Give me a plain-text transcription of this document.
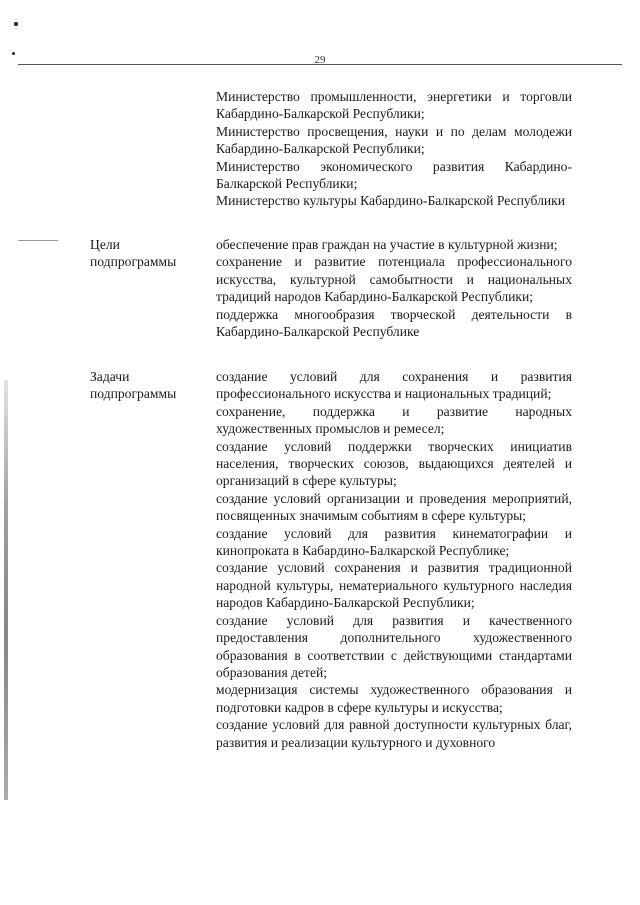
29

Министерство промышленности, энергетики и торговли Кабардино-Балкарской Республики;

Министерство просвещения, науки и по делам молодежи Кабардино-Балкарской Республики;

Министерство экономического развития Кабардино-Балкарской Республики;

Министерство культуры Кабардино-Балкарской Республики

Цели подпрограммы

обеспечение прав граждан на участие в культурной жизни;

сохранение и развитие потенциала профессионального искусства, культурной самобытности и национальных традиций народов Кабардино-Балкарской Республики;

поддержка многообразия творческой деятельности в Кабардино-Балкарской Республике

Задачи подпрограммы

создание условий для сохранения и развития профессионального искусства и национальных традиций;

сохранение, поддержка и развитие народных художественных промыслов и ремесел;

создание условий поддержки творческих инициатив населения, творческих союзов, выдающихся деятелей и организаций в сфере культуры;

создание условий организации и проведения мероприятий, посвященных значимым событиям в сфере культуры;

создание условий для развития кинематографии и кинопроката в Кабардино-Балкарской Республике;

создание условий сохранения и развития традиционной народной культуры, нематериального культурного наследия народов Кабардино-Балкарской Республики;

создание условий для развития и качественного предоставления дополнительного художественного образования в соответствии с действующими стандартами образования детей;

модернизация системы художественного образования и подготовки кадров в сфере культуры и искусства;

создание условий для равной доступности культурных благ, развития и реализации культурного и духовного
